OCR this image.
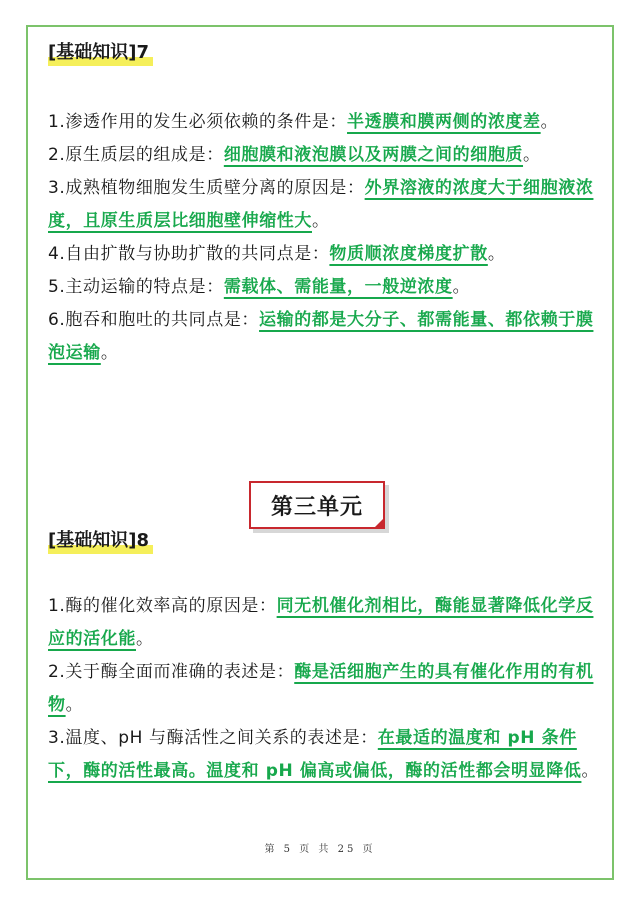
[基础知识]7
1.渗透作用的发生必须依赖的条件是：半透膜和膜两侧的浓度差。
2.原生质层的组成是：细胞膜和液泡膜以及两膜之间的细胞质。
3.成熟植物细胞发生质壁分离的原因是：外界溶液的浓度大于细胞液浓度，且原生质层比细胞壁伸缩性大。
4.自由扩散与协助扩散的共同点是：物质顺浓度梯度扩散。
5.主动运输的特点是：需载体、需能量，一般逆浓度。
6.胞吞和胞吐的共同点是：运输的都是大分子、都需能量、都依赖于膜泡运输。
第三单元
[基础知识]8
1.酶的催化效率高的原因是：同无机催化剂相比，酶能显著降低化学反应的活化能。
2.关于酶全面而准确的表述是：酶是活细胞产生的具有催化作用的有机物。
3.温度、pH 与酶活性之间关系的表述是：在最适的温度和 pH 条件下，酶的活性最高。温度和 pH 偏高或偏低，酶的活性都会明显降低。
第 5 页 共 25 页
